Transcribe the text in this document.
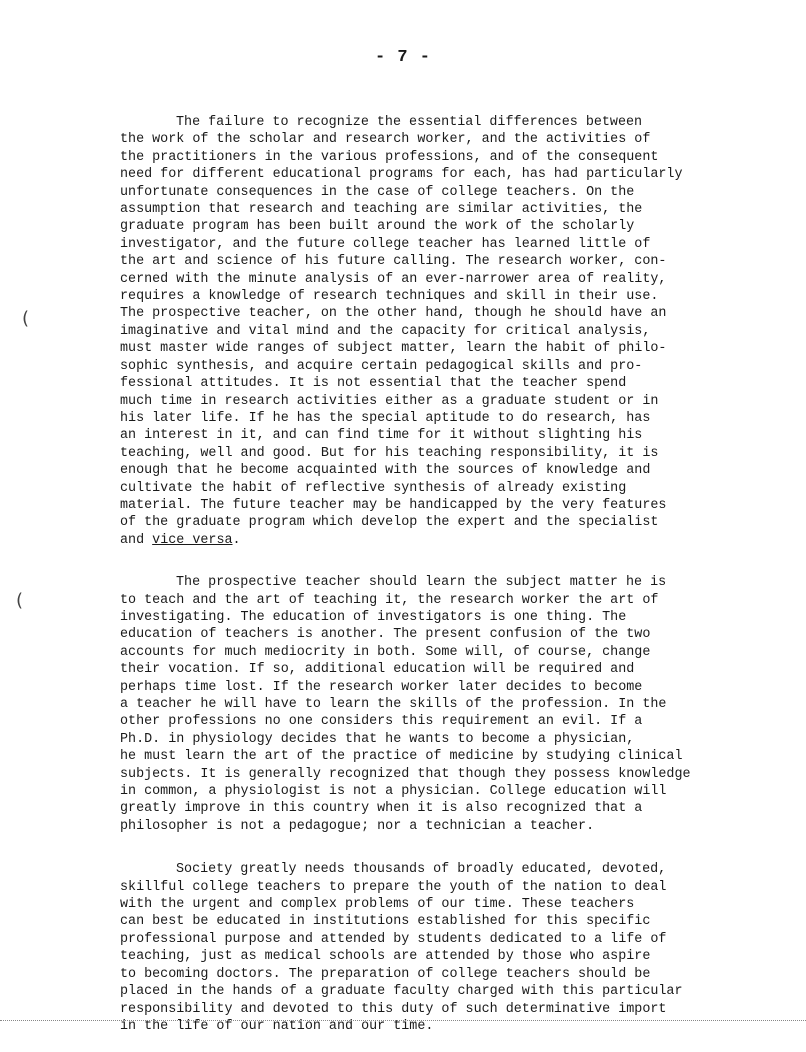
- 7 -
(
(

The failure to recognize the essential differences between
the work of the scholar and research worker, and the activities of
the practitioners in the various professions, and of the consequent
need for different educational programs for each, has had particularly
unfortunate consequences in the case of college teachers. On the
assumption that research and teaching are similar activities, the
graduate program has been built around the work of the scholarly
investigator, and the future college teacher has learned little of
the art and science of his future calling. The research worker, con-
cerned with the minute analysis of an ever-narrower area of reality,
requires a knowledge of research techniques and skill in their use.
The prospective teacher, on the other hand, though he should have an
imaginative and vital mind and the capacity for critical analysis,
must master wide ranges of subject matter, learn the habit of philo-
sophic synthesis, and acquire certain pedagogical skills and pro-
fessional attitudes. It is not essential that the teacher spend
much time in research activities either as a graduate student or in
his later life. If he has the special aptitude to do research, has
an interest in it, and can find time for it without slighting his
teaching, well and good. But for his teaching responsibility, it is
enough that he become acquainted with the sources of knowledge and
cultivate the habit of reflective synthesis of already existing
material. The future teacher may be handicapped by the very features
of the graduate program which develop the expert and the specialist
and vice versa.

The prospective teacher should learn the subject matter he is
to teach and the art of teaching it, the research worker the art of
investigating. The education of investigators is one thing. The
education of teachers is another. The present confusion of the two
accounts for much mediocrity in both. Some will, of course, change
their vocation. If so, additional education will be required and
perhaps time lost. If the research worker later decides to become
a teacher he will have to learn the skills of the profession. In the
other professions no one considers this requirement an evil. If a
Ph.D. in physiology decides that he wants to become a physician,
he must learn the art of the practice of medicine by studying clinical
subjects. It is generally recognized that though they possess knowledge
in common, a physiologist is not a physician. College education will
greatly improve in this country when it is also recognized that a
philosopher is not a pedagogue; nor a technician a teacher.

Society greatly needs thousands of broadly educated, devoted,
skillful college teachers to prepare the youth of the nation to deal
with the urgent and complex problems of our time. These teachers
can best be educated in institutions established for this specific
professional purpose and attended by students dedicated to a life of
teaching, just as medical schools are attended by those who aspire
to becoming doctors. The preparation of college teachers should be
placed in the hands of a graduate faculty charged with this particular
responsibility and devoted to this duty of such determinative import
in the life of our nation and our time.
